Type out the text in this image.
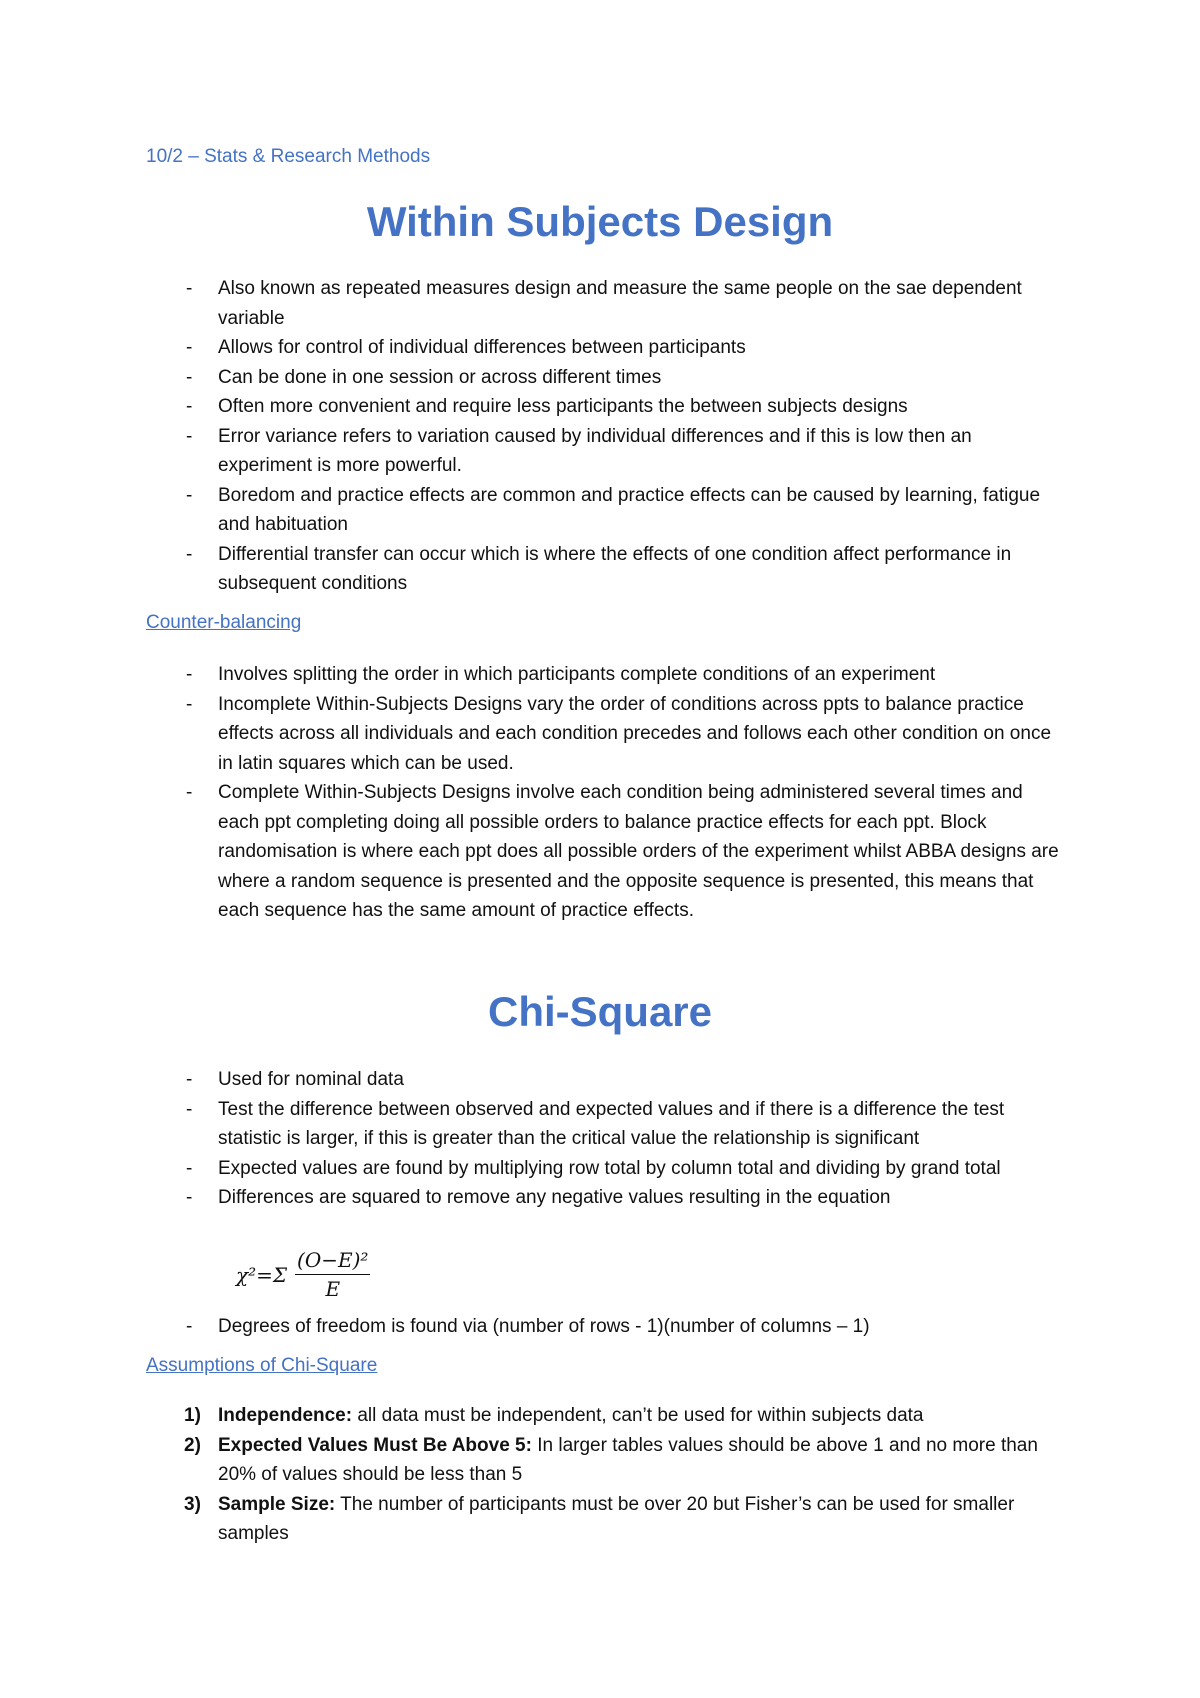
10/2 – Stats & Research Methods
Within Subjects Design
-	Also known as repeated measures design and measure the same people on the sae dependent variable
-	Allows for control of individual differences between participants
-	Can be done in one session or across different times
-	Often more convenient and require less participants the between subjects designs
-	Error variance refers to variation caused by individual differences and if this is low then an experiment is more powerful.
-	Boredom and practice effects are common and practice effects can be caused by learning, fatigue and habituation
-	Differential transfer can occur which is where the effects of one condition affect performance in subsequent conditions
Counter-balancing
-	Involves splitting the order in which participants complete conditions of an experiment
-	Incomplete Within-Subjects Designs vary the order of conditions across ppts to balance practice effects across all individuals and each condition precedes and follows each other condition on once in latin squares which can be used.
-	Complete Within-Subjects Designs involve each condition being administered several times and each ppt completing doing all possible orders to balance practice effects for each ppt. Block randomisation is where each ppt does all possible orders of the experiment whilst ABBA designs are where a random sequence is presented and the opposite sequence is presented, this means that each sequence has the same amount of practice effects.
Chi-Square
-	Used for nominal data
-	Test the difference between observed and expected values and if there is a difference the test statistic is larger, if this is greater than the critical value the relationship is significant
-	Expected values are found by multiplying row total by column total and dividing by grand total
-	Differences are squared to remove any negative values resulting in the equation
$\chi^2=\Sigma \frac{\text{(O−E)²}}{E}$
-	Degrees of freedom is found via (number of rows - 1)(number of columns – 1)
Assumptions of Chi-Square
1) Independence: all data must be independent, can’t be used for within subjects data
2) Expected Values Must Be Above 5: In larger tables values should be above 1 and no more than 20% of values should be less than 5
3) Sample Size: The number of participants must be over 20 but Fisher’s can be used for smaller samples
